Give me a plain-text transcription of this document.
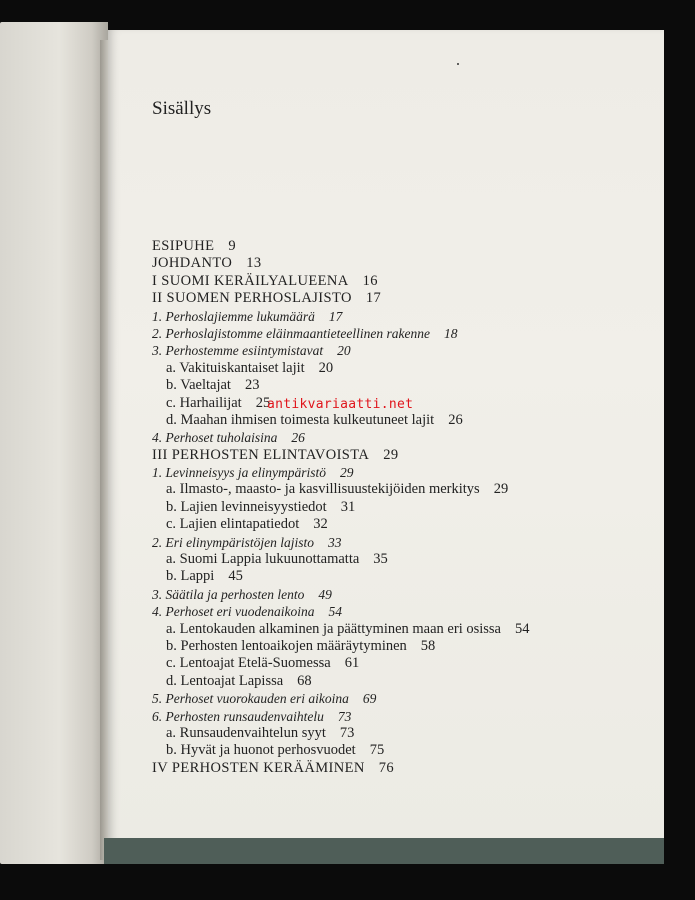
Sisällys
ESIPUHE 9
JOHDANTO 13
I SUOMI KERÄILYALUEENA 16
II SUOMEN PERHOSLAJISTO 17
1. Perhoslajiemme lukumäärä 17
2. Perhoslajistomme eläinmaantieteellinen rakenne 18
3. Perhostemme esiintymistavat 20
a. Vakituiskantaiset lajit 20
b. Vaeltajat 23
c. Harhailijat 25
d. Maahan ihmisen toimesta kulkeutuneet lajit 26
4. Perhoset tuholaisina 26
III PERHOSTEN ELINTAVOISTA 29
1. Levinneisyys ja elinympäristö 29
a. Ilmasto-, maasto- ja kasvillisuustekijöiden merkitys 29
b. Lajien levinneisyystiedot 31
c. Lajien elintapatiedot 32
2. Eri elinympäristöjen lajisto 33
a. Suomi Lappia lukuunottamatta 35
b. Lappi 45
3. Säätila ja perhosten lento 49
4. Perhoset eri vuodenaikoina 54
a. Lentokauden alkaminen ja päättyminen maan eri osissa 54
b. Perhosten lentoaikojen määräytyminen 58
c. Lentoajat Etelä-Suomessa 61
d. Lentoajat Lapissa 68
5. Perhoset vuorokauden eri aikoina 69
6. Perhosten runsaudenvaihtelu 73
a. Runsaudenvaihtelun syyt 73
b. Hyvät ja huonot perhosvuodet 75
IV PERHOSTEN KERÄÄMINEN 76
antikvariaatti.net
